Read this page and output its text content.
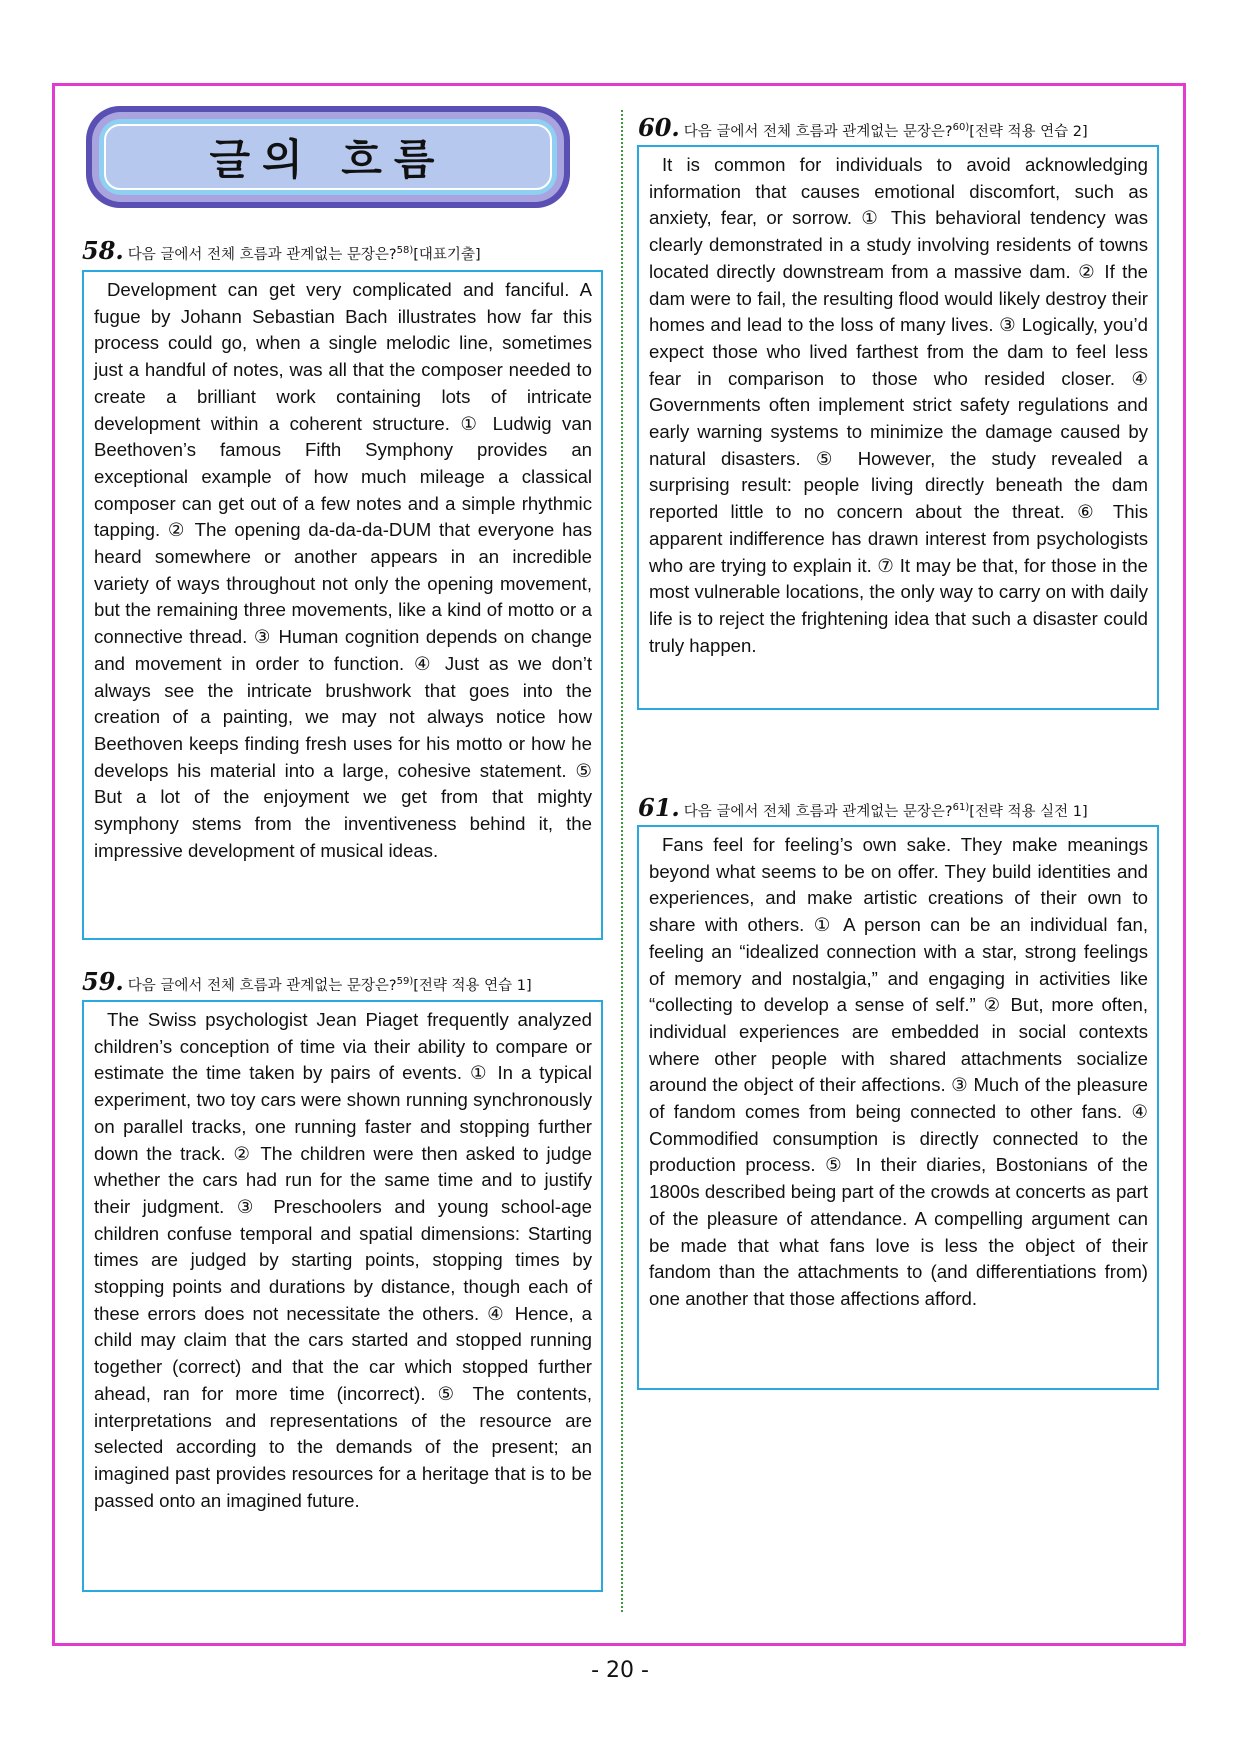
글의 흐름
58. 다음 글에서 전체 흐름과 관계없는 문장은?$^{58)}$[대표기출]

Development can get very complicated and fanciful. A fugue by Johann Sebastian Bach illustrates how far this process could go, when a single melodic line, sometimes just a handful of notes, was all that the composer needed to create a brilliant work containing lots of intricate development within a coherent structure. ① Ludwig van Beethoven’s famous Fifth Symphony provides an exceptional example of how much mileage a classical composer can get out of a few notes and a simple rhythmic tapping. ② The opening da-da-da-DUM that everyone has heard somewhere or another appears in an incredible variety of ways throughout not only the opening movement, but the remaining three movements, like a kind of motto or a connective thread. ③ Human cognition depends on change and movement in order to function. ④ Just as we don’t always see the intricate brushwork that goes into the creation of a painting, we may not always notice how Beethoven keeps finding fresh uses for his motto or how he develops his material into a large, cohesive statement. ⑤ But a lot of the enjoyment we get from that mighty symphony stems from the inventiveness behind it, the impressive development of musical ideas.

59. 다음 글에서 전체 흐름과 관계없는 문장은?$^{59)}$[전략 적용 연습 1]

The Swiss psychologist Jean Piaget frequently analyzed children’s conception of time via their ability to compare or estimate the time taken by pairs of events. ① In a typical experiment, two toy cars were shown running synchronously on parallel tracks, one running faster and stopping further down the track. ② The children were then asked to judge whether the cars had run for the same time and to justify their judgment. ③ Preschoolers and young school-age children confuse temporal and spatial dimensions: Starting times are judged by starting points, stopping times by stopping points and durations by distance, though each of these errors does not necessitate the others. ④ Hence, a child may claim that the cars started and stopped running together (correct) and that the car which stopped further ahead, ran for more time (incorrect). ⑤ The contents, interpretations and representations of the resource are selected according to the demands of the present; an imagined past provides resources for a heritage that is to be passed onto an imagined future.

60. 다음 글에서 전체 흐름과 관계없는 문장은?$^{60)}$[전략 적용 연습 2]

It is common for individuals to avoid acknowledging information that causes emotional discomfort, such as anxiety, fear, or sorrow. ① This behavioral tendency was clearly demonstrated in a study involving residents of towns located directly downstream from a massive dam. ② If the dam were to fail, the resulting flood would likely destroy their homes and lead to the loss of many lives. ③ Logically, you’d expect those who lived farthest from the dam to feel less fear in comparison to those who resided closer. ④ Governments often implement strict safety regulations and early warning systems to minimize the damage caused by natural disasters. ⑤ However, the study revealed a surprising result: people living directly beneath the dam reported little to no concern about the threat. ⑥ This apparent indifference has drawn interest from psychologists who are trying to explain it. ⑦ It may be that, for those in the most vulnerable locations, the only way to carry on with daily life is to reject the frightening idea that such a disaster could truly happen.

61. 다음 글에서 전체 흐름과 관계없는 문장은?$^{61)}$[전략 적용 실전 1]

Fans feel for feeling’s own sake. They make meanings beyond what seems to be on offer. They build identities and experiences, and make artistic creations of their own to share with others. ① A person can be an individual fan, feeling an “idealized connection with a star, strong feelings of memory and nostalgia,” and engaging in activities like “collecting to develop a sense of self.” ② But, more often, individual experiences are embedded in social contexts where other people with shared attachments socialize around the object of their affections. ③ Much of the pleasure of fandom comes from being connected to other fans. ④ Commodified consumption is directly connected to the production process. ⑤ In their diaries, Bostonians of the 1800s described being part of the crowds at concerts as part of the pleasure of attendance. A compelling argument can be made that what fans love is less the object of their fandom than the attachments to (and differentiations from) one another that those affections afford.

- 20 -
